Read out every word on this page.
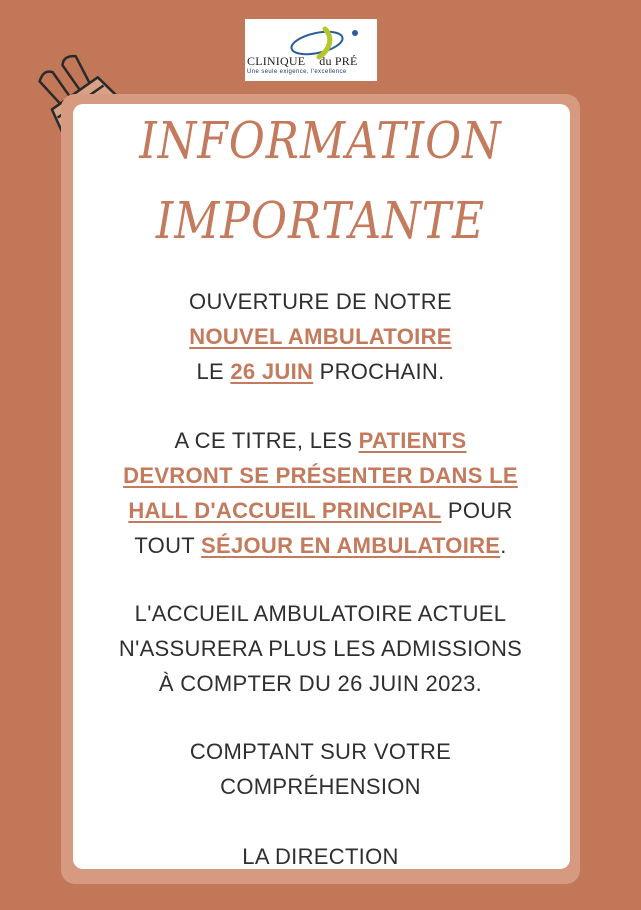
CLINIQUE du PRÉ
Une seule exigence, l'excellence
INFORMATION
IMPORTANTE
OUVERTURE DE NOTRE
NOUVEL AMBULATOIRE
LE 26 JUIN PROCHAIN.
A CE TITRE, LES PATIENTS
DEVRONT SE PRÉSENTER DANS LE
HALL D'ACCUEIL PRINCIPAL POUR
TOUT SÉJOUR EN AMBULATOIRE.
L'ACCUEIL AMBULATOIRE ACTUEL
N'ASSURERA PLUS LES ADMISSIONS
À COMPTER DU 26 JUIN 2023.
COMPTANT SUR VOTRE
COMPRÉHENSION
LA DIRECTION
